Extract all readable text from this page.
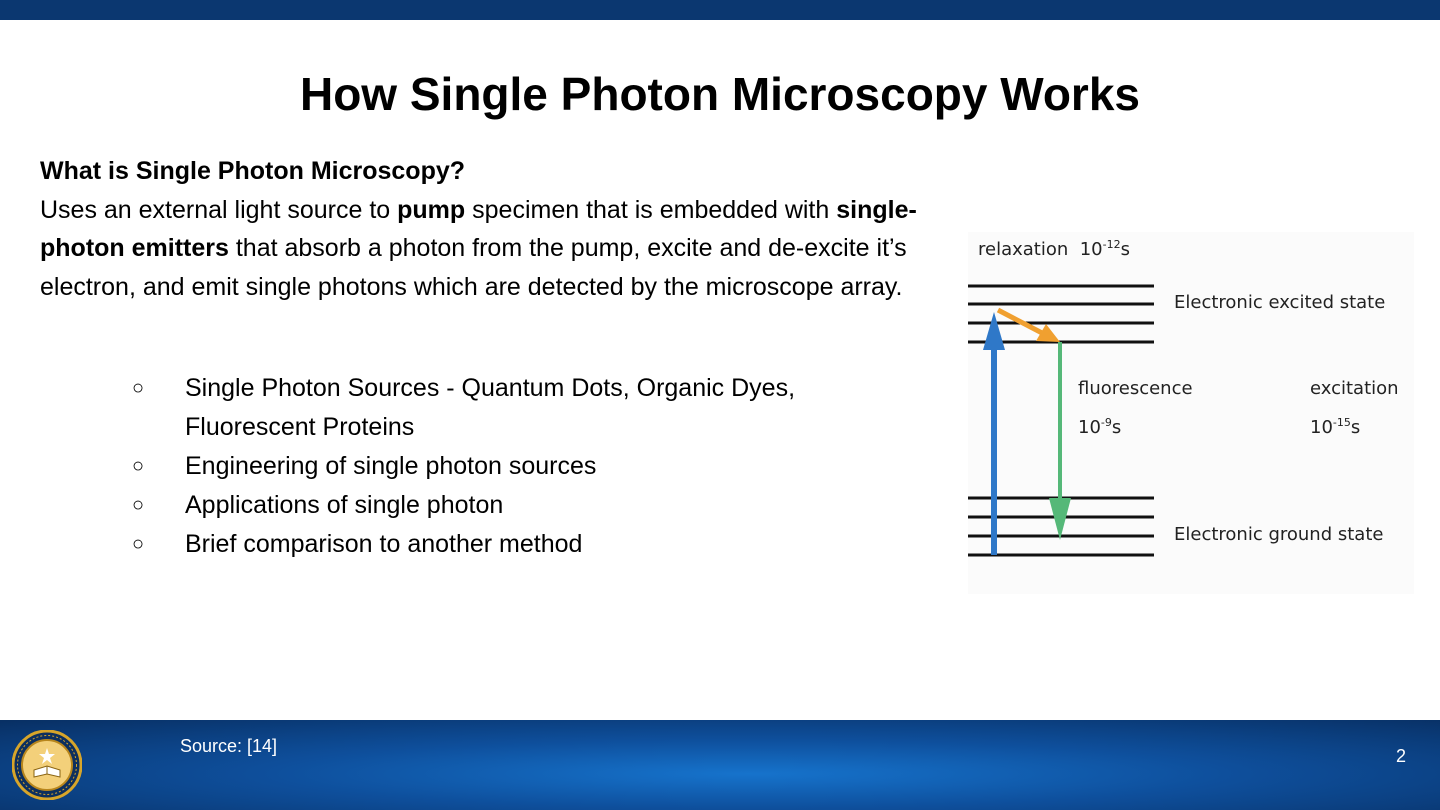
How Single Photon Microscopy Works

What is Single Photon Microscopy?

Uses an external light source to pump specimen that is embedded with single-photon emitters that absorb a photon from the pump, excite and de-excite it’s electron, and emit single photons which are detected by the microscope array.

○ Single Photon Sources - Quantum Dots, Organic Dyes, Fluorescent Proteins
○ Engineering of single photon sources
○ Applications of single photon
○ Brief comparison to another method
relaxation $10^{-12}s$
Electronic excited state
fluorescence
$10^{-9}s$
excitation
$10^{-15}s$
Electronic ground state
Source: [14]	2
